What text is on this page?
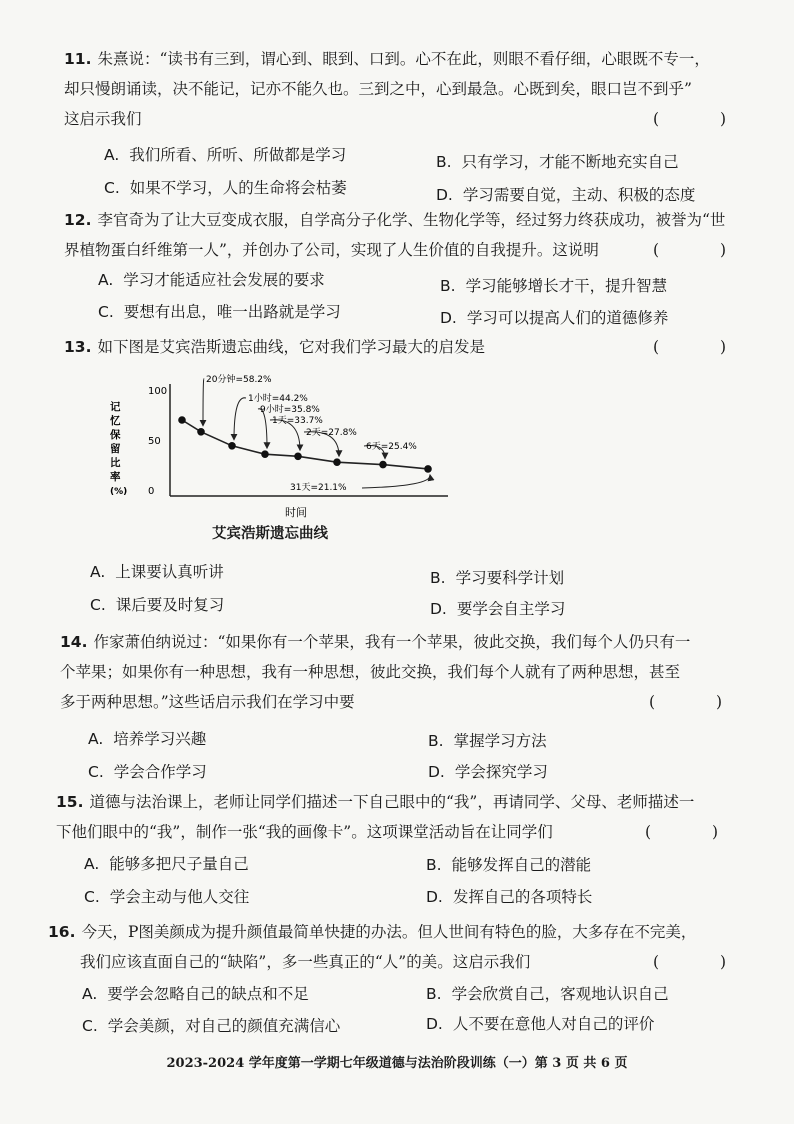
11. 朱熹说：“读书有三到，谓心到、眼到、口到。心不在此，则眼不看仔细，心眼既不专一，
却只慢朗诵读，决不能记，记亦不能久也。三到之中，心到最急。心既到矣，眼口岂不到乎”
这启示我们	( )
A. 我们所看、所听、所做都是学习	B. 只有学习，才能不断地充实自己
C. 如果不学习，人的生命将会枯萎	D. 学习需要自觉，主动、积极的态度
12. 李官奇为了让大豆变成衣服，自学高分子化学、生物化学等，经过努力终获成功，被誉为“世
界植物蛋白纤维第一人”，并创办了公司，实现了人生价值的自我提升。这说明	( )
A. 学习才能适应社会发展的要求	B. 学习能够增长才干，提升智慧
C. 要想有出息，唯一出路就是学习	D. 学习可以提高人们的道德修养
13. 如下图是艾宾浩斯遗忘曲线，它对我们学习最大的启发是	( )
记
忆
保
留
比
率
(%)
100
50
0
20分钟=58.2%
1小时=44.2%
9小时=35.8%
1天=33.7%
2天=27.8%
6天=25.4%
31天=21.1%
时间
艾宾浩斯遗忘曲线
A. 上课要认真听讲	B. 学习要科学计划
C. 课后要及时复习	D. 要学会自主学习
14. 作家萧伯纳说过：“如果你有一个苹果，我有一个苹果，彼此交换，我们每个人仍只有一
个苹果；如果你有一种思想，我有一种思想，彼此交换，我们每个人就有了两种思想，甚至
多于两种思想。”这些话启示我们在学习中要	( )
A. 培养学习兴趣	B. 掌握学习方法
C. 学会合作学习	D. 学会探究学习
15. 道德与法治课上，老师让同学们描述一下自己眼中的“我”，再请同学、父母、老师描述一
下他们眼中的“我”，制作一张“我的画像卡”。这项课堂活动旨在让同学们	( )
A. 能够多把尺子量自己	B. 能够发挥自己的潜能
C. 学会主动与他人交往	D. 发挥自己的各项特长
16. 今天，P图美颜成为提升颜值最简单快捷的办法。但人世间有特色的脸，大多存在不完美，
我们应该直面自己的“缺陷”，多一些真正的“人”的美。这启示我们	( )
A. 要学会忽略自己的缺点和不足	B. 学会欣赏自己，客观地认识自己
C. 学会美颜，对自己的颜值充满信心	D. 人不要在意他人对自己的评价
2023-2024 学年度第一学期七年级道德与法治阶段训练（一）第 3 页 共 6 页
